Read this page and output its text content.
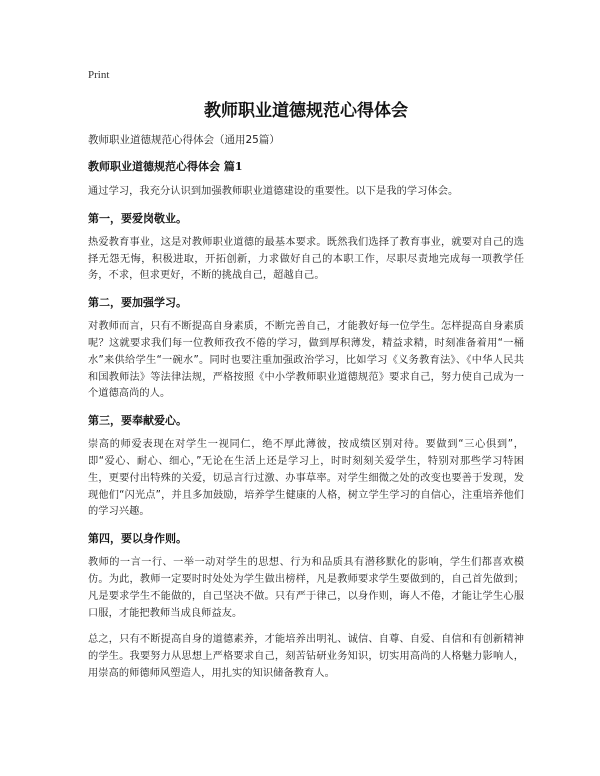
Print
教师职业道德规范心得体会
教师职业道德规范心得体会（通用25篇）
教师职业道德规范心得体会 篇1
通过学习，我充分认识到加强教师职业道德建设的重要性。以下是我的学习体会。
第一，要爱岗敬业。
热爱教育事业，这是对教师职业道德的最基本要求。既然我们选择了教育事业，就要对自己的选择无怨无悔，积极进取，开拓创新，力求做好自己的本职工作，尽职尽责地完成每一项教学任务，不求，但求更好，不断的挑战自己，超越自己。
第二，要加强学习。
对教师而言，只有不断提高自身素质，不断完善自己，才能教好每一位学生。怎样提高自身素质呢？这就要求我们每一位教师孜孜不倦的学习，做到厚积薄发，精益求精，时刻准备着用“一桶水”来供给学生“一碗水”。同时也要注重加强政治学习，比如学习《义务教育法》、《中华人民共和国教师法》等法律法规，严格按照《中小学教师职业道德规范》要求自己，努力使自己成为一个道德高尚的人。
第三，要奉献爱心。
崇高的师爱表现在对学生一视同仁，绝不厚此薄彼，按成绩区别对待。要做到“三心俱到”，即“爱心、耐心、细心，”无论在生活上还是学习上，时时刻刻关爱学生，特别对那些学习特困生，更要付出特殊的关爱，切忌言行过激、办事草率。对学生细微之处的改变也要善于发现，发现他们“闪光点”，并且多加鼓励，培养学生健康的人格，树立学生学习的自信心，注重培养他们的学习兴趣。
第四，要以身作则。
教师的一言一行、一举一动对学生的思想、行为和品质具有潜移默化的影响，学生们都喜欢模仿。为此，教师一定要时时处处为学生做出榜样，凡是教师要求学生要做到的，自己首先做到；凡是要求学生不能做的，自己坚决不做。只有严于律己，以身作则，诲人不倦，才能让学生心服口服，才能把教师当成良师益友。
总之，只有不断提高自身的道德素养，才能培养出明礼、诚信、自尊、自爱、自信和有创新精神的学生。我要努力从思想上严格要求自己，刻苦钻研业务知识，切实用高尚的人格魅力影响人，用崇高的师德师风塑造人，用扎实的知识储备教育人。
